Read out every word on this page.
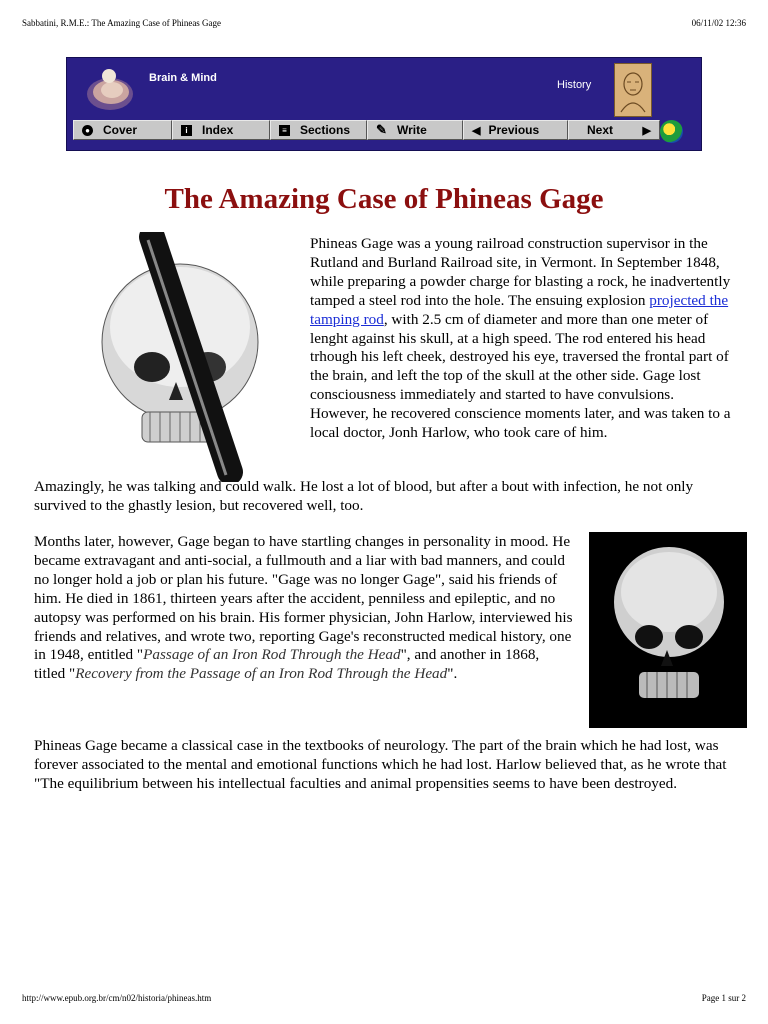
Sabbatini, R.M.E.: The Amazing Case of Phineas Gage	06/11/02 12:36
Brain & Mind
History
● Cover	i	Index	≡ Sections ✎ Write	◀ Previous	Next	▶
The Amazing Case of Phineas Gage
Phineas Gage was a young railroad construction supervisor in the Rutland and Burland Railroad site, in Vermont. In September 1848, while preparing a powder charge for blasting a rock, he inadvertently tamped a steel rod into the hole. The ensuing explosion projected the tamping rod, with 2.5 cm of diameter and more than one meter of lenght against his skull, at a high speed. The rod entered his head trhough his left cheek, destroyed his eye, traversed the frontal part of the brain, and left the top of the skull at the other side. Gage lost consciousness immediately and started to have convulsions. However, he recovered conscience moments later, and was taken to a local doctor, Jonh Harlow, who took care of him.
Amazingly, he was talking and could walk. He lost a lot of blood, but after a bout with infection, he not only survived to the ghastly lesion, but recovered well, too.
Months later, however, Gage began to have startling changes in personality in mood. He became extravagant and anti-social, a fullmouth and a liar with bad manners, and could no longer hold a job or plan his future. "Gage was no longer Gage", said his friends of him. He died in 1861, thirteen years after the accident, penniless and epileptic, and no autopsy was performed on his brain. His former physician, John Harlow, interviewed his friends and relatives, and wrote two, reporting Gage's reconstructed medical history, one in 1948, entitled "Passage of an Iron Rod Through the Head", and another in 1868, titled "Recovery from the Passage of an Iron Rod Through the Head".
Phineas Gage became a classical case in the textbooks of neurology. The part of the brain which he had lost, was forever associated to the mental and emotional functions which he had lost. Harlow believed that, as he wrote that "The equilibrium between his intellectual faculties and animal propensities seems to have been destroyed.
http://www.epub.org.br/cm/n02/historia/phineas.htm	Page 1 sur 2
